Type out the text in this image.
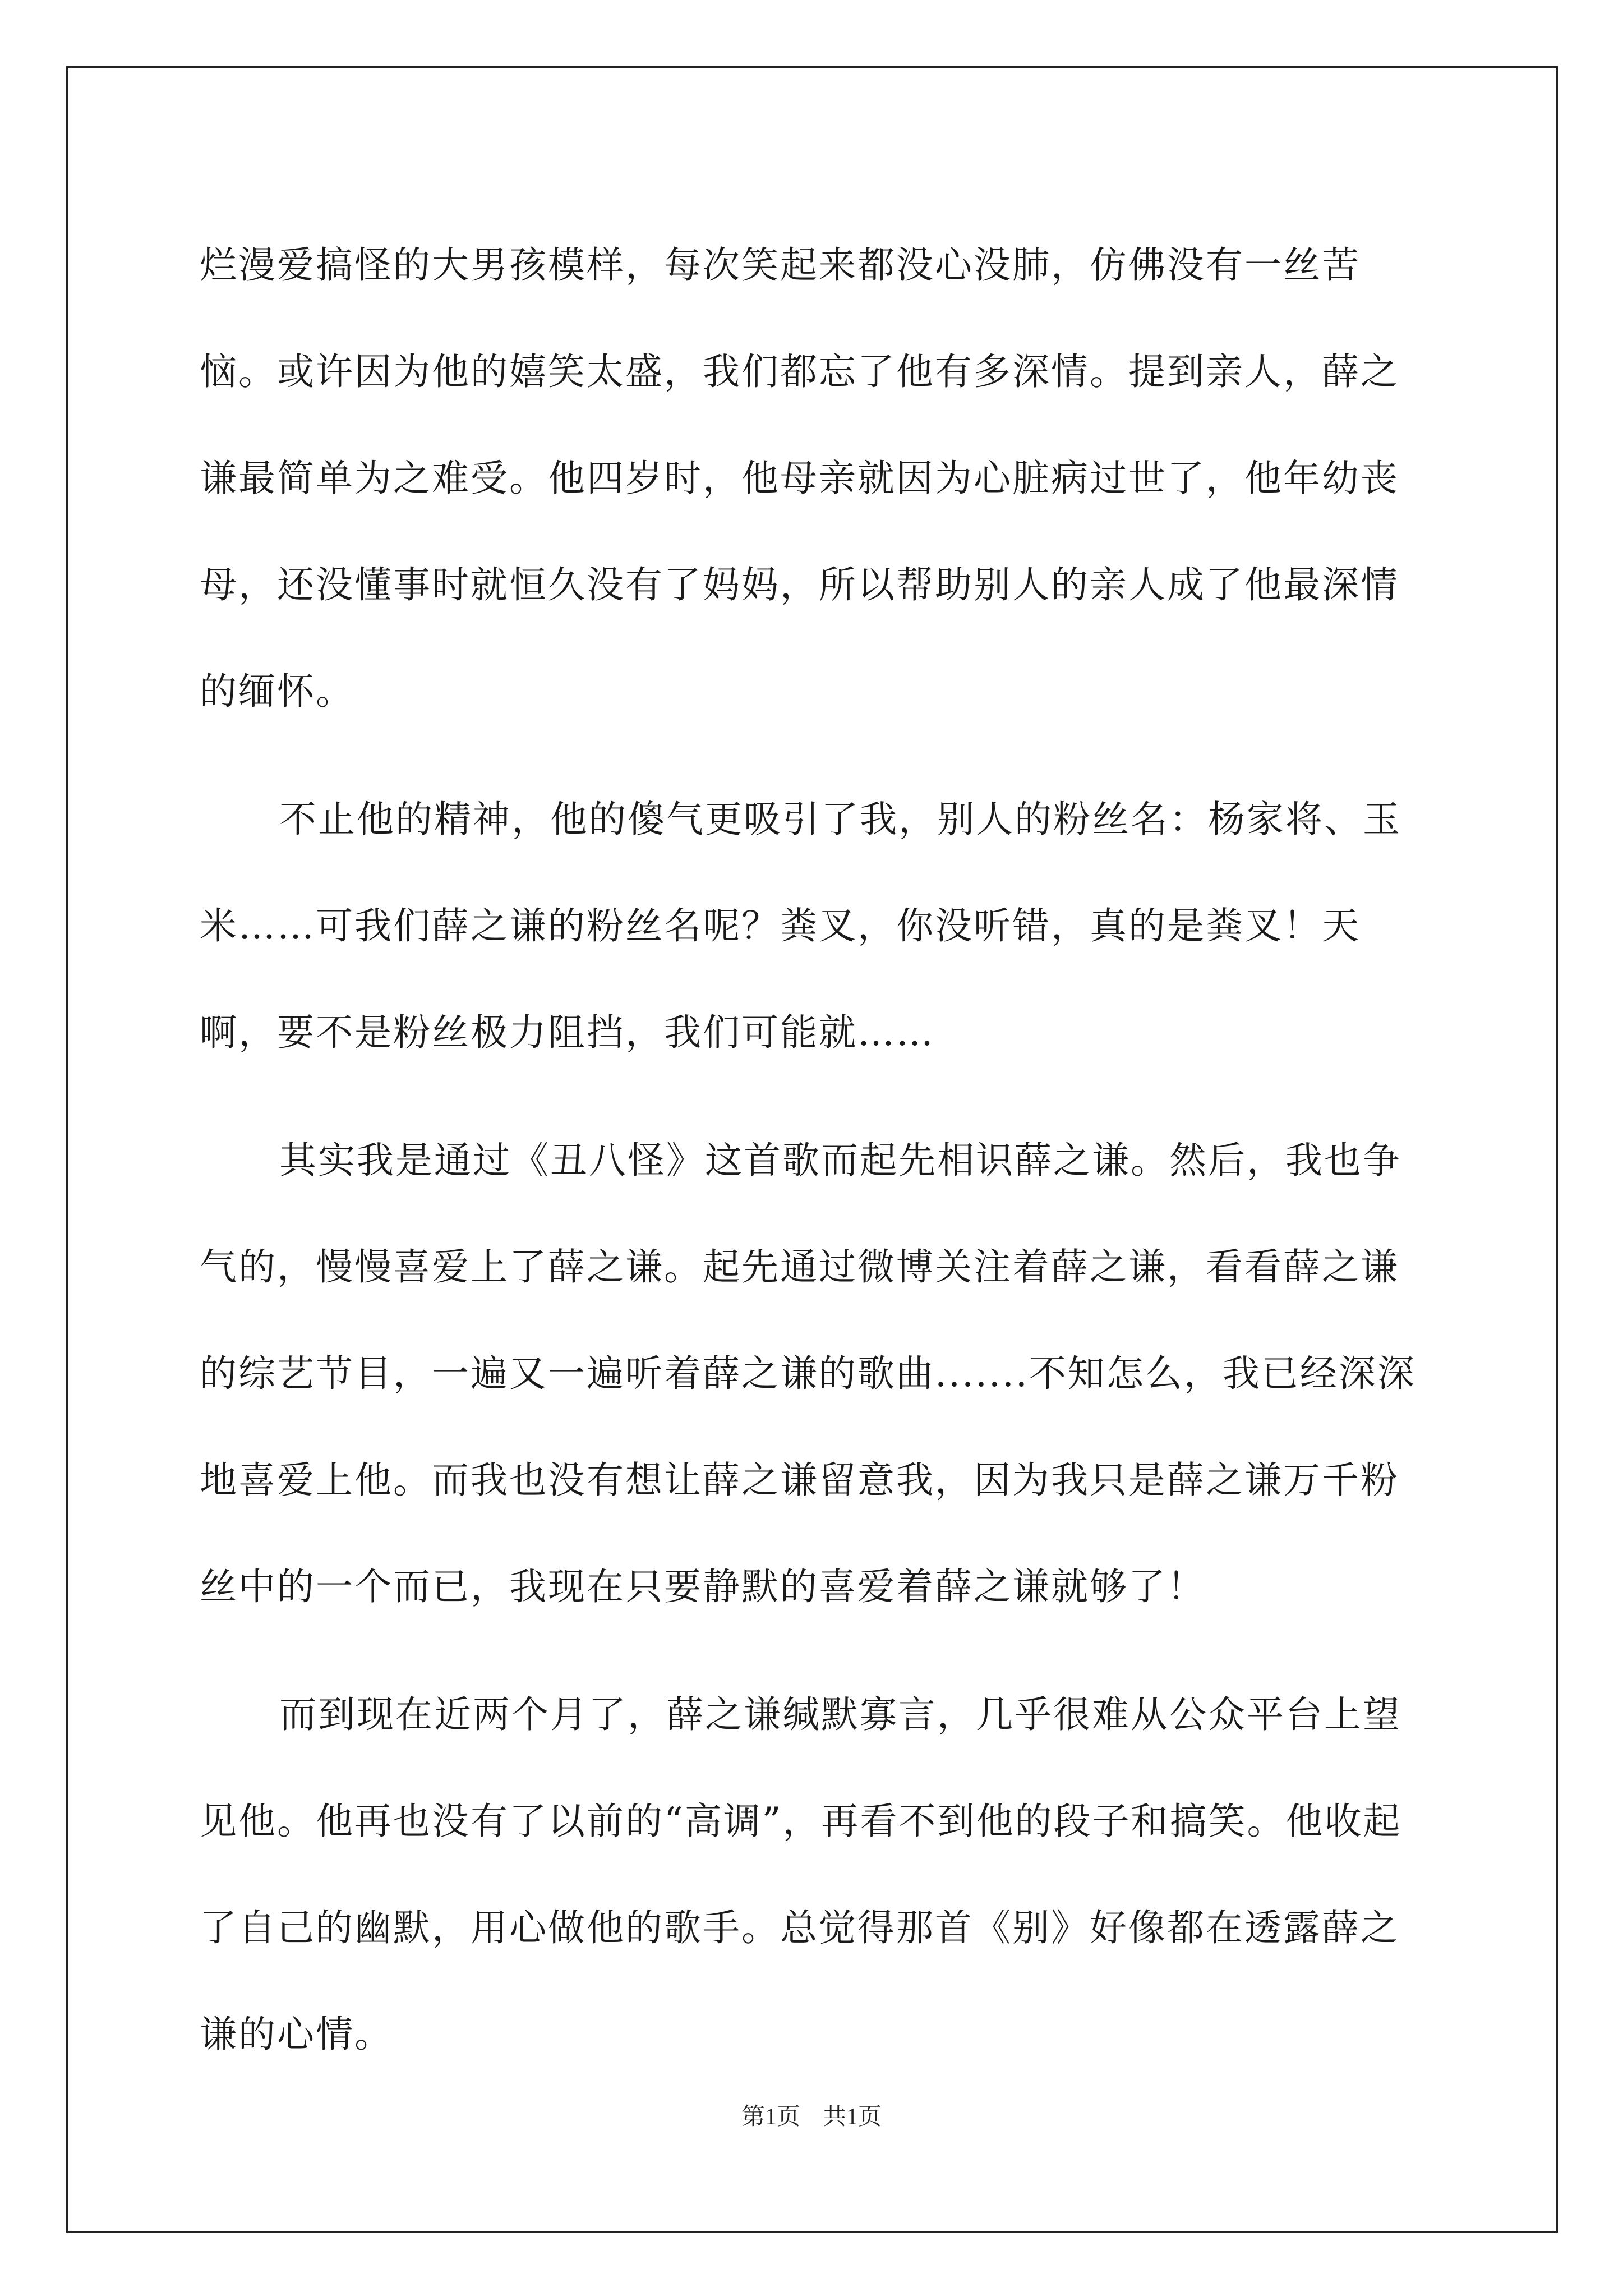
烂漫爱搞怪的大男孩模样，每次笑起来都没心没肺，仿佛没有一丝苦恼。或许因为他的嬉笑太盛，我们都忘了他有多深情。提到亲人，薛之谦最简单为之难受。他四岁时，他母亲就因为心脏病过世了，他年幼丧母，还没懂事时就恒久没有了妈妈，所以帮助别人的亲人成了他最深情的缅怀。

不止他的精神，他的傻气更吸引了我，别人的粉丝名：杨家将、玉米……可我们薛之谦的粉丝名呢？粪叉，你没听错，真的是粪叉！天啊，要不是粉丝极力阻挡，我们可能就……

其实我是通过《丑八怪》这首歌而起先相识薛之谦。然后，我也争气的，慢慢喜爱上了薛之谦。起先通过微博关注着薛之谦，看看薛之谦的综艺节目，一遍又一遍听着薛之谦的歌曲.......不知怎么，我已经深深地喜爱上他。而我也没有想让薛之谦留意我，因为我只是薛之谦万千粉丝中的一个而已，我现在只要静默的喜爱着薛之谦就够了！

而到现在近两个月了，薛之谦缄默寡言，几乎很难从公众平台上望见他。他再也没有了以前的“高调”，再看不到他的段子和搞笑。他收起了自己的幽默，用心做他的歌手。总觉得那首《别》好像都在透露薛之谦的心情。

第1页 共1页
